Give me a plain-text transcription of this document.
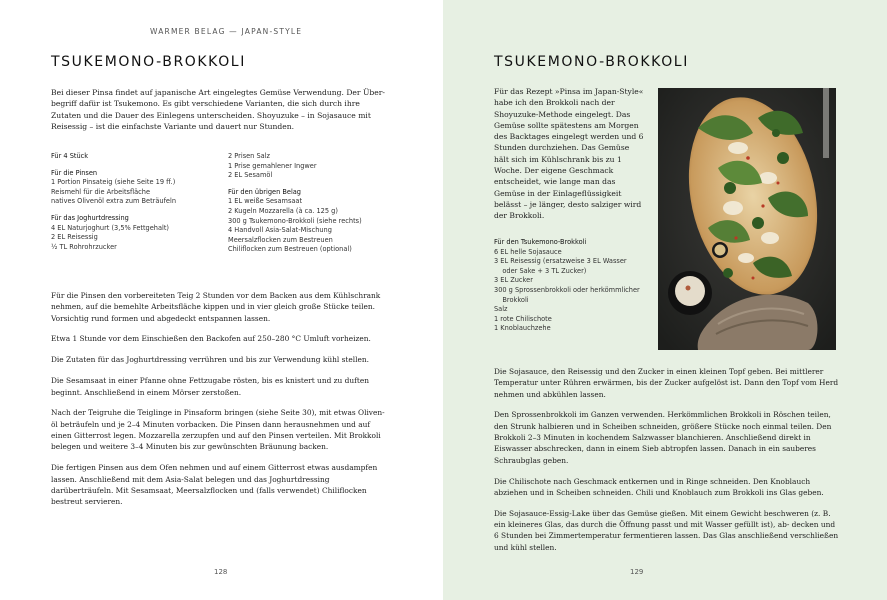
WARMER BELAG — JAPAN-STYLE
TSUKEMONO-BROKKOLI

Bei dieser Pinsa findet auf japanische Art eingelegtes Gemüse Verwendung. Der Über- begriff dafür ist Tsukemono. Es gibt verschiedene Varianten, die sich durch ihre Zutaten und die Dauer des Einlegens unterscheiden. Shoyuzuke – in Sojasauce mit Reisessig – ist die einfachste Variante und dauert nur Stunden.

Für 4 Stück
Für die Pinsen
1 Portion Pinsateig (siehe Seite 19 ff.)
Reismehl für die Arbeitsfläche
natives Olivenöl extra zum Beträufeln
Für das Joghurtdressing
4 EL Naturjoghurt (3,5% Fettgehalt)
2 EL Reisessig
½ TL Rohrohrzucker
2 Prisen Salz
1 Prise gemahlener Ingwer
2 EL Sesamöl
Für den übrigen Belag
1 EL weiße Sesamsaat
2 Kugeln Mozzarella (à ca. 125 g)
300 g Tsukemono-Brokkoli (siehe rechts)
4 Handvoll Asia-Salat-Mischung
Meersalzflocken zum Bestreuen
Chiliflocken zum Bestreuen (optional)

Für die Pinsen den vorbereiteten Teig 2 Stunden vor dem Backen aus dem Kühlschrank nehmen, auf die bemehlte Arbeitsfläche kippen und in vier gleich große Stücke teilen. Vorsichtig rund formen und abgedeckt entspannen lassen.

Etwa 1 Stunde vor dem Einschießen den Backofen auf 250–280 °C Umluft vorheizen.

Die Zutaten für das Joghurtdressing verrühren und bis zur Verwendung kühl stellen.

Die Sesamsaat in einer Pfanne ohne Fettzugabe rösten, bis es knistert und zu duften beginnt. Anschließend in einem Mörser zerstoßen.

Nach der Teigruhe die Teiglinge in Pinsaform bringen (siehe Seite 30), mit etwas Oliven- öl beträufeln und je 2–4 Minuten vorbacken. Die Pinsen dann herausnehmen und auf einen Gitterrost legen. Mozzarella zerzupfen und auf den Pinsen verteilen. Mit Brokkoli belegen und weitere 3–4 Minuten bis zur gewünschten Bräunung backen.

Die fertigen Pinsen aus dem Ofen nehmen und auf einem Gitterrost etwas ausdampfen lassen. Anschließend mit dem Asia-Salat belegen und das Joghurtdressing darüberträufeln. Mit Sesamsaat, Meersalzflocken und (falls verwendet) Chiliflocken bestreut servieren.

128
TSUKEMONO-BROKKOLI

Für das Rezept »Pinsa im Japan-Style« habe ich den Brokkoli nach der Shoyuzuke-Methode eingelegt. Das Gemüse sollte spätestens am Morgen des Backtages eingelegt werden und 6 Stunden durchziehen. Das Gemüse hält sich im Kühlschrank bis zu 1 Woche. Der eigene Geschmack entscheidet, wie lange man das Gemüse in der Einlageflüssigkeit belässt – je länger, desto salziger wird der Brokkoli.

Für den Tsukemono-Brokkoli
6 EL helle Sojasauce
3 EL Reisessig (ersatzweise 3 EL Wasser
oder Sake + 3 TL Zucker)
3 EL Zucker
300 g Sprossenbrokkoli oder herkömmlicher
Brokkoli
Salz
1 rote Chilischote
1 Knoblauchzehe

Die Sojasauce, den Reisessig und den Zucker in einen kleinen Topf geben. Bei mittlerer Temperatur unter Rühren erwärmen, bis der Zucker aufgelöst ist. Dann den Topf vom Herd nehmen und abkühlen lassen.

Den Sprossenbrokkoli im Ganzen verwenden. Herkömmlichen Brokkoli in Röschen teilen, den Strunk halbieren und in Scheiben schneiden, größere Stücke noch einmal teilen. Den Brokkoli 2–3 Minuten in kochendem Salzwasser blanchieren. Anschließend direkt in Eiswasser abschrecken, dann in einem Sieb abtropfen lassen. Danach in ein sauberes Schraubglas geben.

Die Chilischote nach Geschmack entkernen und in Ringe schneiden. Den Knoblauch abziehen und in Scheiben schneiden. Chili und Knoblauch zum Brokkoli ins Glas geben.

Die Sojasauce-Essig-Lake über das Gemüse gießen. Mit einem Gewicht beschweren (z. B. ein kleineres Glas, das durch die Öffnung passt und mit Wasser gefüllt ist), ab- decken und 6 Stunden bei Zimmertemperatur fermentieren lassen. Das Glas anschließend verschließen und kühl stellen.

129
